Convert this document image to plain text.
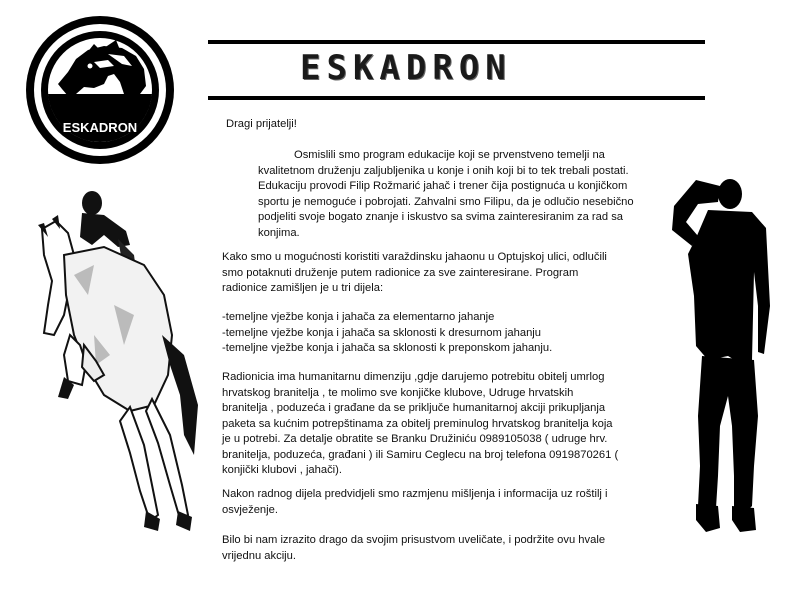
ESKADRON
ESKADRON

Dragi prijatelji!

Osmislili smo program edukacije koji se prvenstveno temelji na
kvalitetnom druženju zaljubljenika u konje i onih koji bi to tek trebali postati.
Edukaciju provodi Filip Rožmarić jahač i trener čija postignuća u konjičkom
sportu je nemoguće i pobrojati. Zahvalni smo Filipu, da je odlučio nesebično
podjeliti svoje bogato znanje i iskustvo sa svima zainteresiranim za rad sa
konjima.
Kako smo u mogućnosti koristiti varaždinsku jahaonu u Optujskoj ulici, odlučili
smo potaknuti druženje putem radionice za sve zainteresirane. Program
radionice zamišljen je u tri dijela:
-temeljne vježbe konja i jahača za elementarno jahanje
-temeljne vježbe konja i jahača sa sklonosti k dresurnom jahanju
-temeljne vježbe konja i jahača sa sklonosti k preponskom jahanju.
Radionicia ima humanitarnu dimenziju ,gdje darujemo potrebitu obitelj umrlog
hrvatskog branitelja , te molimo sve konjičke klubove, Udruge hrvatskih
branitelja , poduzeća i građane da se priključe humanitarnoj akciji prikupljanja
paketa sa kućnim potrepštinama za obitelj preminulog hrvatskog branitelja koja
je u potrebi. Za detalje obratite se Branku Družiniću 0989105038 ( udruge hrv.
branitelja, poduzeća, građani ) ili Samiru Ceglecu na broj telefona 0919870261 (
konjički klubovi , jahači).
Nakon radnog dijela predvidjeli smo razmjenu mišljenja i informacija uz roštilj i
osvježenje.
Bilo bi nam izrazito drago da svojim prisustvom uveličate, i podržite ovu hvale
vrijednu akciju.
